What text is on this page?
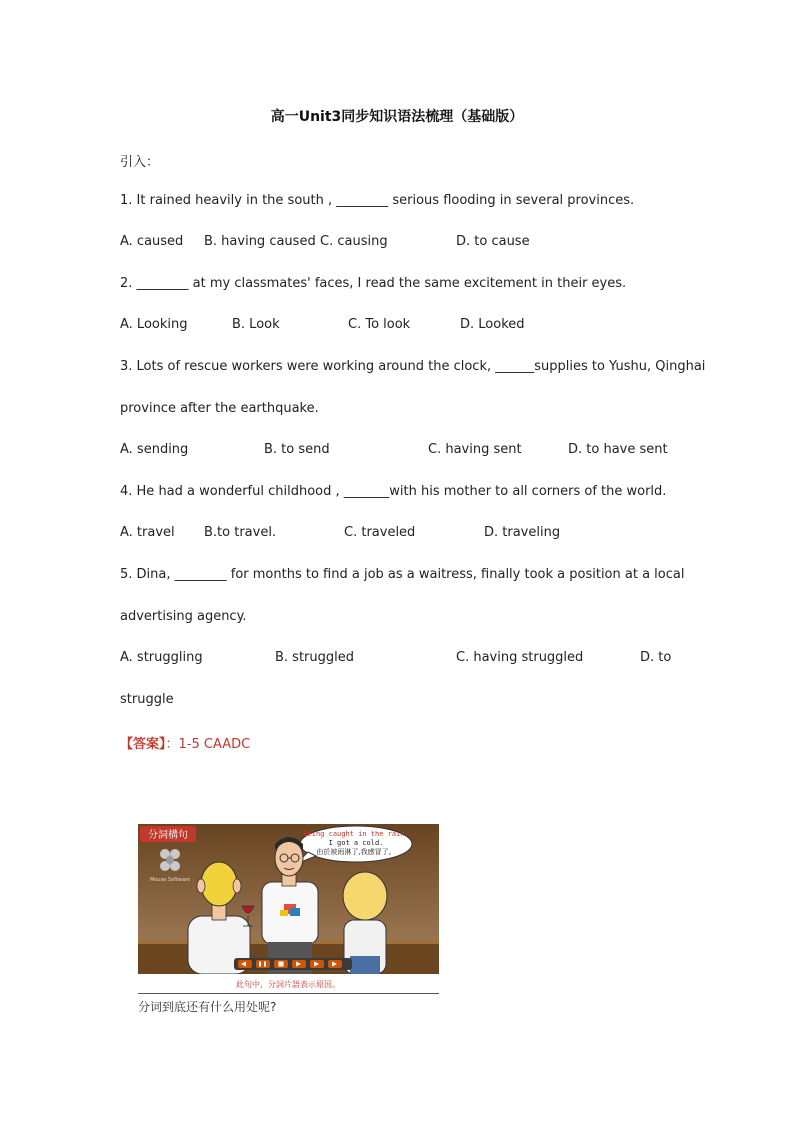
高一Unit3同步知识语法梳理（基础版）
引入：
1. It rained heavily in the south , ________ serious flooding in several provinces.
A. caused B. having caused C. causing	D. to cause
2. ________ at my classmates' faces, I read the same excitement in their eyes.
A. Looking	B. Look	C. To look	D. Looked
3. Lots of rescue workers were working around the clock, ______supplies to Yushu, Qinghai
province after the earthquake.
A. sending	B. to send	C. having sent	D. to have sent
4. He had a wonderful childhood , _______with his mother to all corners of the world.
A. travel B.to travel.	C. traveled	D. traveling
5. Dina, ________ for months to find a job as a waitress, finally took a position at a local
advertising agency.
A. struggling	B. struggled	C. having struggled	D. to
struggle
【答案】：1-5 CAADC
分詞構句
Mouse Software
Being caught in the rain,
I got a cold.
由於被雨淋了,我感冒了。
此句中，分詞片語表示原因。
分词到底还有什么用处呢?
